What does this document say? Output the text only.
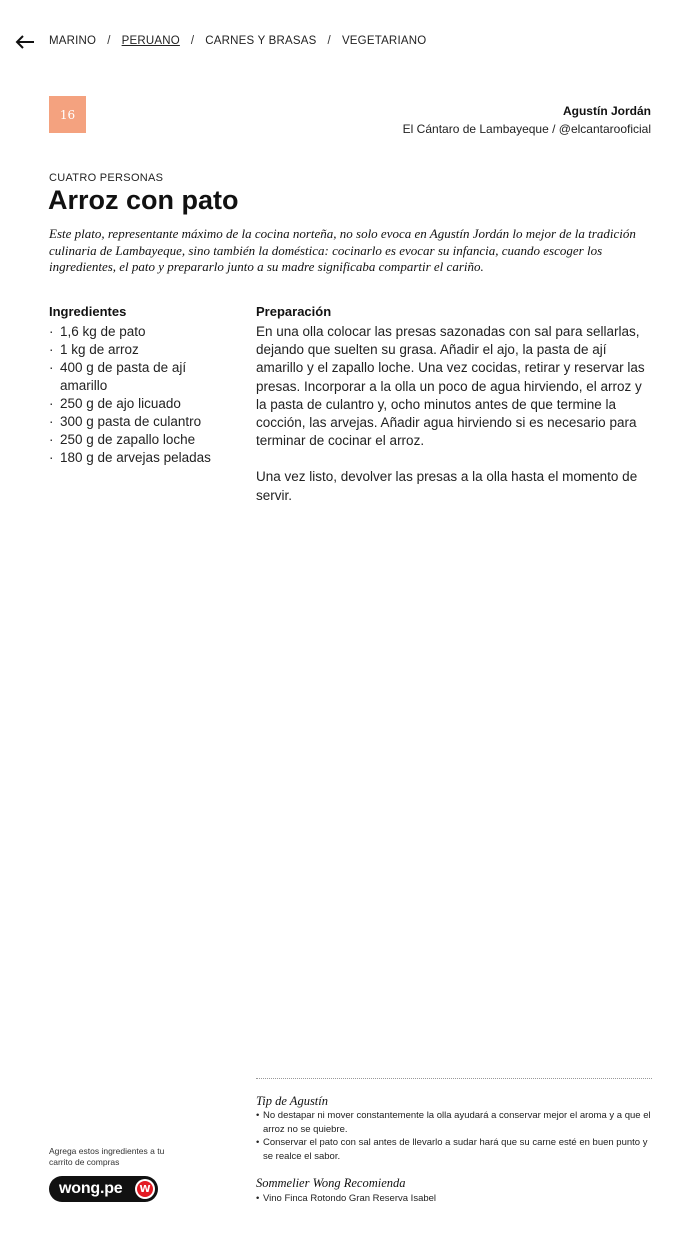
MARINO / PERUANO / CARNES Y BRASAS / VEGETARIANO
16	Agustín Jordán
El Cántaro de Lambayeque / @elcantarooficial
CUATRO PERSONAS
Arroz con pato

Este plato, representante máximo de la cocina norteña, no solo evoca en Agustín Jordán lo mejor de la tradición culinaria de Lambayeque, sino también la doméstica: cocinarlo es evocar su infancia, cuando escoger los ingredientes, el pato y prepararlo junto a su madre significaba compartir el cariño.

Ingredientes
· 1,6 kg de pato
· 1 kg de arroz
· 400 g de pasta de ají amarillo
· 250 g de ajo licuado
· 300 g pasta de culantro
· 250 g de zapallo loche
· 180 g de arvejas peladas
Preparación

En una olla colocar las presas sazonadas con sal para sellarlas, dejando que suelten su grasa. Añadir el ajo, la pasta de ají amarillo y el zapallo loche. Una vez cocidas, retirar y reservar las presas. Incorporar a la olla un poco de agua hirviendo, el arroz y la pasta de culantro y, ocho minutos antes de que termine la cocción, las arvejas. Añadir agua hirviendo si es necesario para terminar de cocinar el arroz.

Una vez listo, devolver las presas a la olla hasta el momento de servir.

Tip de Agustín
• No destapar ni mover constantemente la olla ayudará a conservar mejor el aroma y a que el arroz no se quiebre.
• Conservar el pato con sal antes de llevarlo a sudar hará que su carne esté en buen punto y se realce el sabor.
Sommelier Wong Recomienda
• Vino Finca Rotondo Gran Reserva Isabel
Agrega estos ingredientes a tu carrito de compras
wong.pe W
